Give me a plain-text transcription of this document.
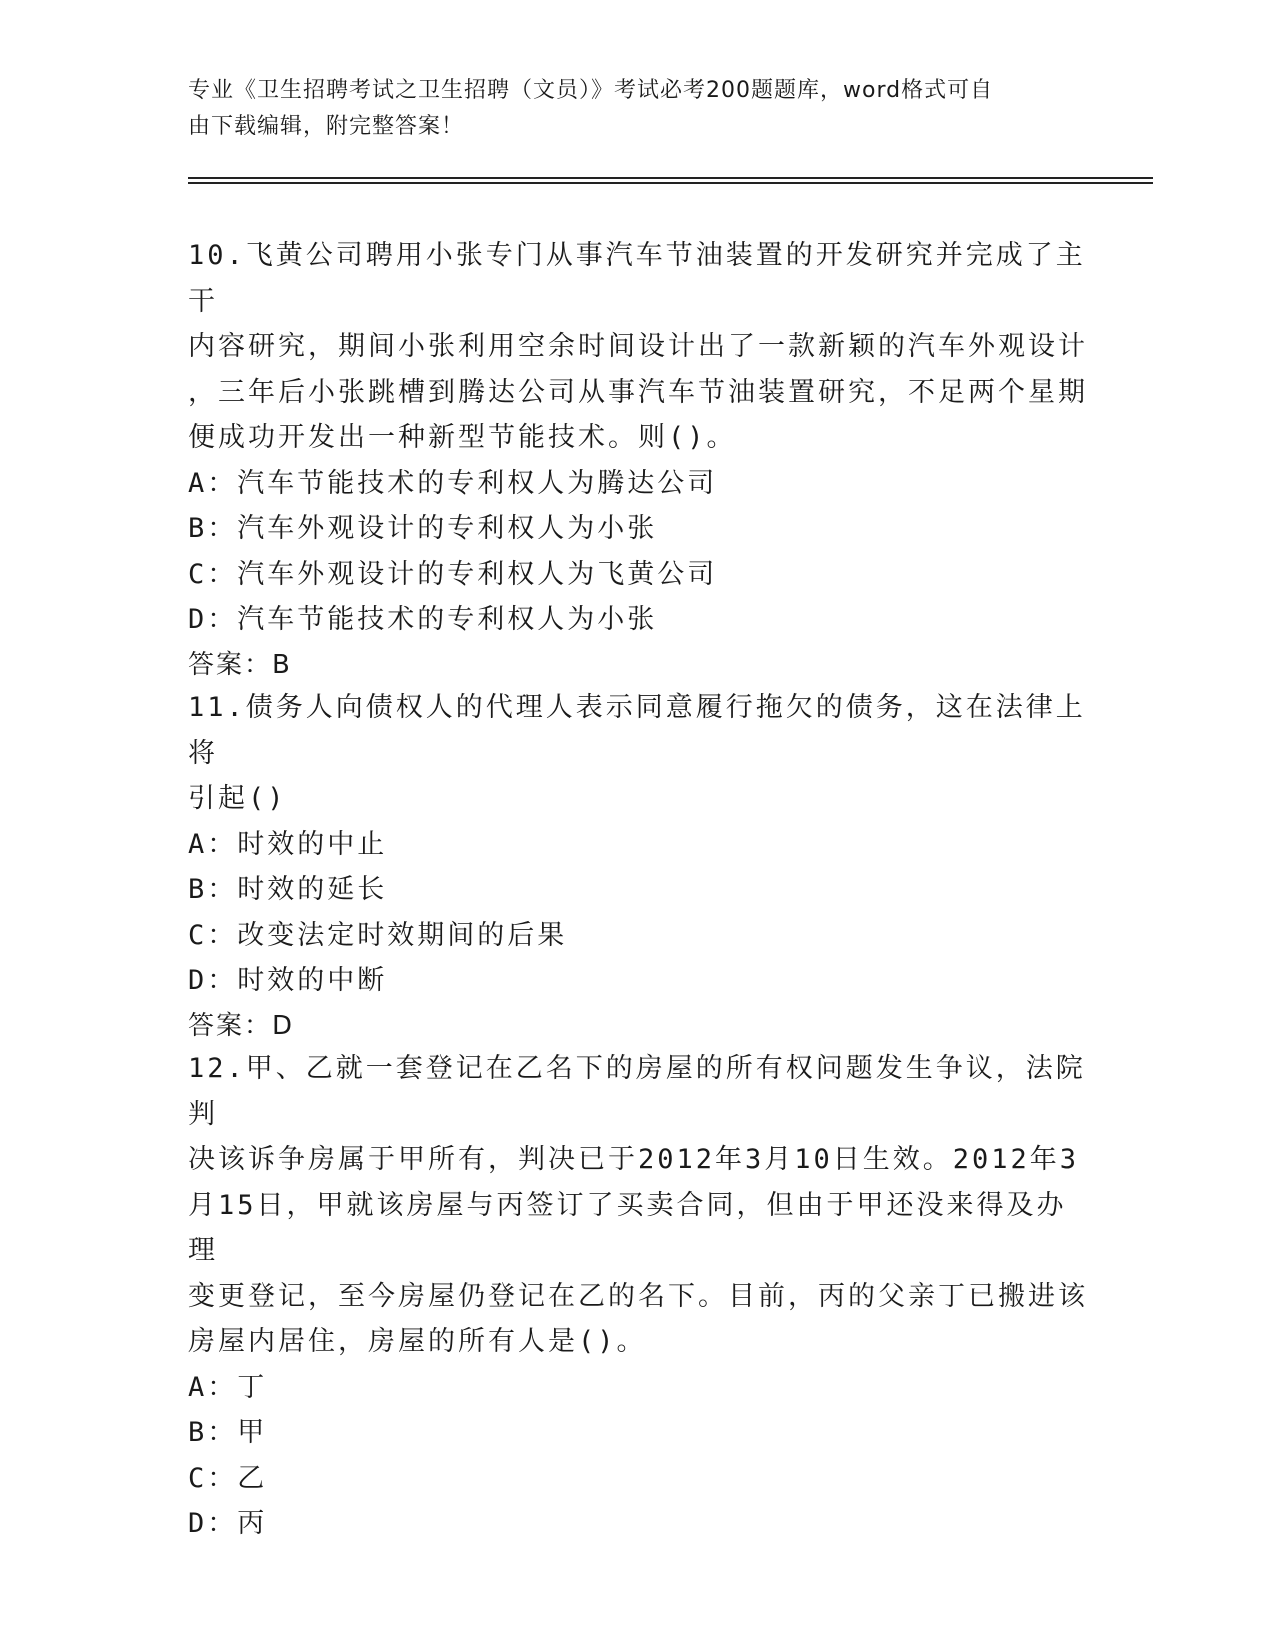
专业《卫生招聘考试之卫生招聘（文员）》考试必考200题题库，word格式可自
由下载编辑，附完整答案！

10.飞黄公司聘用小张专门从事汽车节油装置的开发研究并完成了主干

内容研究，期间小张利用空余时间设计出了一款新颖的汽车外观设计

，三年后小张跳槽到腾达公司从事汽车节油装置研究，不足两个星期

便成功开发出一种新型节能技术。则()。

A：汽车节能技术的专利权人为腾达公司

B：汽车外观设计的专利权人为小张

C：汽车外观设计的专利权人为飞黄公司

D：汽车节能技术的专利权人为小张

答案：B

11.债务人向债权人的代理人表示同意履行拖欠的债务，这在法律上将

引起()

A：时效的中止

B：时效的延长

C：改变法定时效期间的后果

D：时效的中断

答案：D

12.甲、乙就一套登记在乙名下的房屋的所有权问题发生争议，法院判

决该诉争房属于甲所有，判决已于2012年3月10日生效。2012年3

月15日，甲就该房屋与丙签订了买卖合同，但由于甲还没来得及办理

变更登记，至今房屋仍登记在乙的名下。目前，丙的父亲丁已搬进该

房屋内居住，房屋的所有人是()。

A：丁

B：甲

C：乙

D：丙
